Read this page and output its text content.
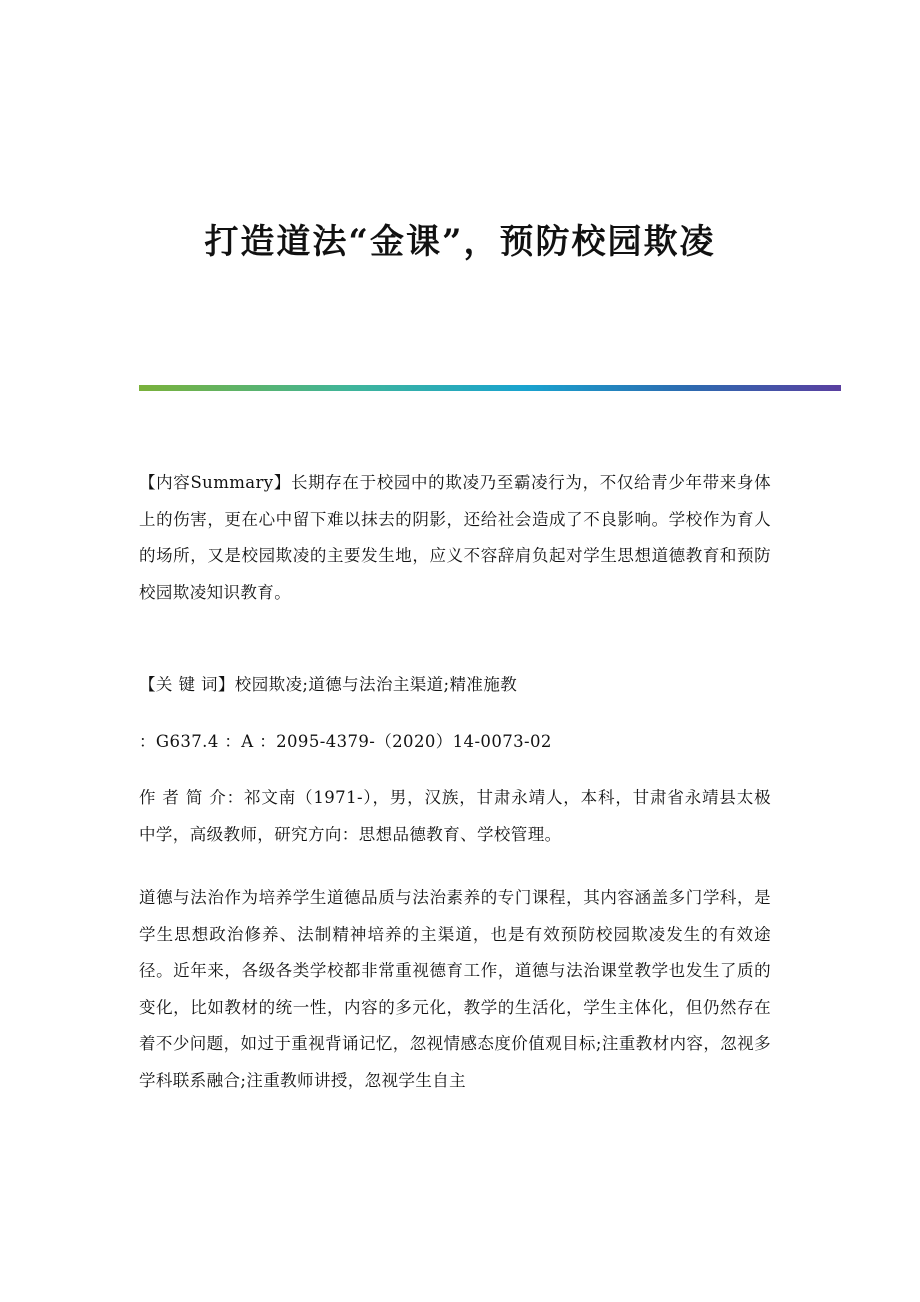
打造道法“金课”，预防校园欺凌

【内容Summary】长期存在于校园中的欺凌乃至霸凌行为，不仅给青少年带来身体上的伤害，更在心中留下难以抹去的阴影，还给社会造成了不良影响。学校作为育人的场所，又是校园欺凌的主要发生地，应义不容辞肩负起对学生思想道德教育和预防校园欺凌知识教育。

【关 键 词】校园欺凌;道德与法治主渠道;精准施教

：G637.4 ：A ：2095-4379-（2020）14-0073-02

作 者 简 介：祁文南（1971-），男，汉族，甘肃永靖人，本科，甘肃省永靖县太极中学，高级教师，研究方向：思想品德教育、学校管理。

道德与法治作为培养学生道德品质与法治素养的专门课程，其内容涵盖多门学科，是学生思想政治修养、法制精神培养的主渠道，也是有效预防校园欺凌发生的有效途径。近年来，各级各类学校都非常重视德育工作，道德与法治课堂教学也发生了质的变化，比如教材的统一性，内容的多元化，教学的生活化，学生主体化，但仍然存在着不少问题，如过于重视背诵记忆，忽视情感态度价值观目标;注重教材内容，忽视多学科联系融合;注重教师讲授，忽视学生自主
